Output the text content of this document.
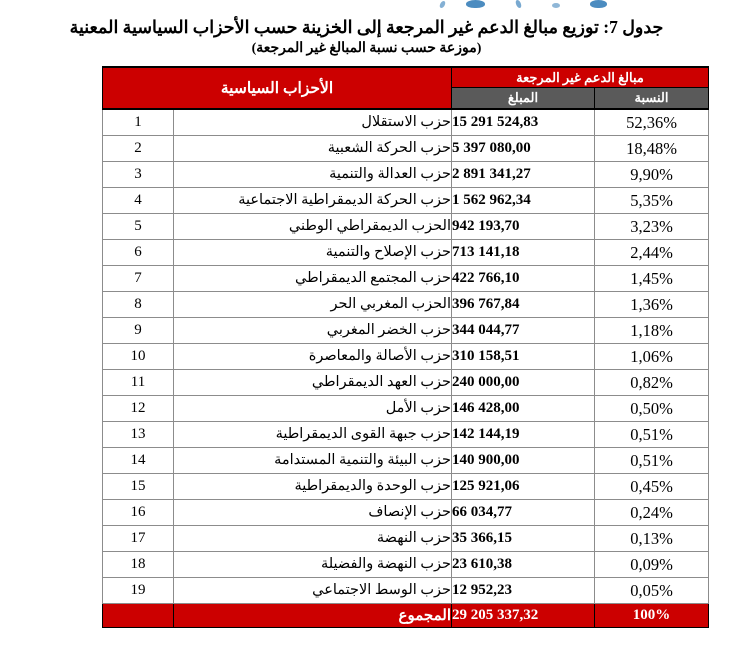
جدول 7: توزيع مبالغ الدعم غير المرجعة إلى الخزينة حسب الأحزاب السياسية المعنية
(موزعة حسب نسبة المبالغ غير المرجعة)
مبالغ الدعم غير المرجعة		الأحزاب السياسية	
النسبة	المبلغ		
52,36%	15 291 524,83	حزب الاستقلال	1
18,48%	5 397 080,00	حزب الحركة الشعبية	2
9,90%	2 891 341,27	حزب العدالة والتنمية	3
5,35%	1 562 962,34	حزب الحركة الديمقراطية الاجتماعية	4
3,23%	942 193,70	الحزب الديمقراطي الوطني	5
2,44%	713 141,18	حزب الإصلاح والتنمية	6
1,45%	422 766,10	حزب المجتمع الديمقراطي	7
1,36%	396 767,84	الحزب المغربي الحر	8
1,18%	344 044,77	حزب الخضر المغربي	9
1,06%	310 158,51	حزب الأصالة والمعاصرة	10
0,82%	240 000,00	حزب العهد الديمقراطي	11
0,50%	146 428,00	حزب الأمل	12
0,51%	142 144,19	حزب جبهة القوى الديمقراطية	13
0,51%	140 900,00	حزب البيئة والتنمية المستدامة	14
0,45%	125 921,06	حزب الوحدة والديمقراطية	15
0,24%	66 034,77	حزب الإنصاف	16
0,13%	35 366,15	حزب النهضة	17
0,09%	23 610,38	حزب النهضة والفضيلة	18
0,05%	12 952,23	حزب الوسط الاجتماعي	19
100%	29 205 337,32	المجموع	
